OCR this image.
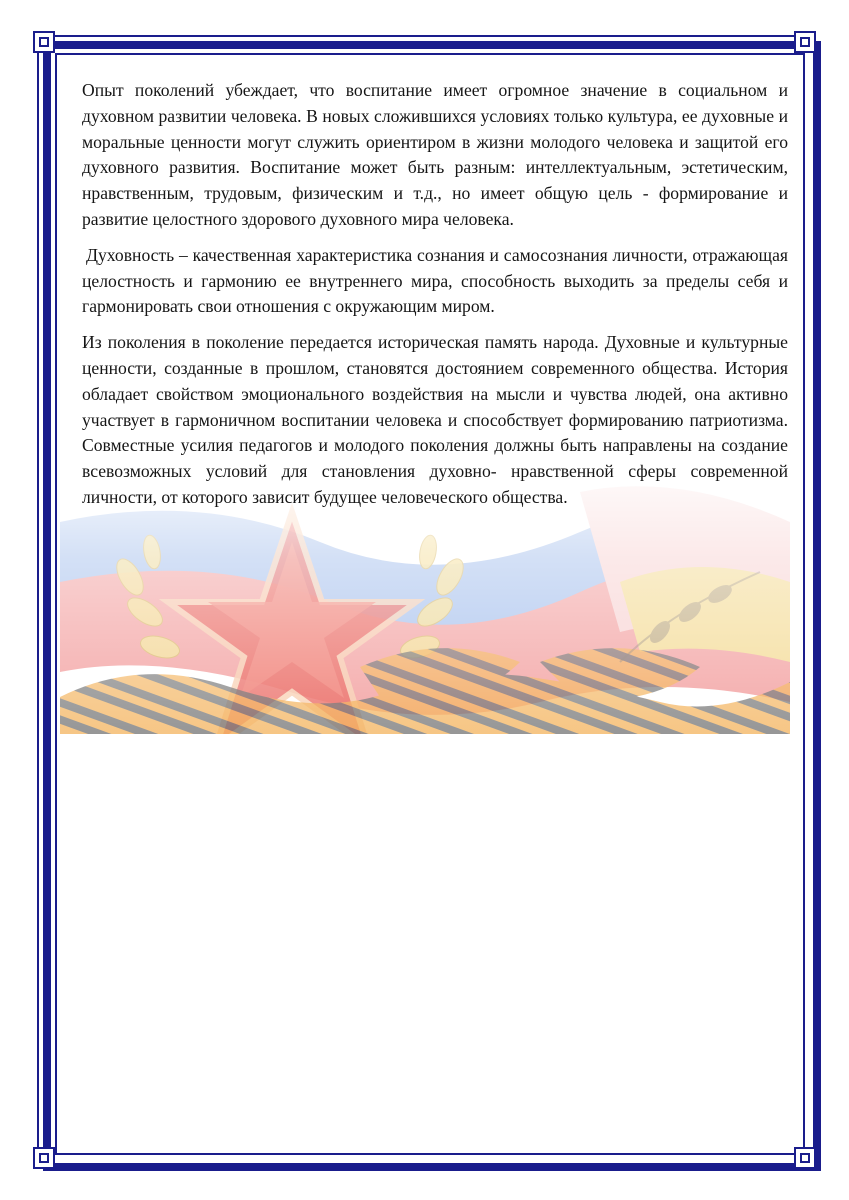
Опыт поколений убеждает, что воспитание имеет огромное значение в социальном и духовном развитии человека. В новых сложившихся условиях только культура, ее духовные и моральные ценности могут служить ориентиром в жизни молодого человека и защитой его духовного развития. Воспитание может быть разным: интеллектуальным, эстетическим, нравственным, трудовым, физическим и т.д., но имеет общую цель - формирование и развитие целостного здорового духовного мира человека.

Духовность – качественная характеристика сознания и самосознания личности, отражающая целостность и гармонию ее внутреннего мира, способность выходить за пределы себя и гармонировать свои отношения с окружающим миром.

Из поколения в поколение передается историческая память народа. Духовные и культурные ценности, созданные в прошлом, становятся достоянием современного общества. История обладает свойством эмоционального воздействия на мысли и чувства людей, она активно участвует в гармоничном воспитании человека и способствует формированию патриотизма. Совместные усилия педагогов и молодого поколения должны быть направлены на создание всевозможных условий для становления духовно- нравственной сферы современной личности, от которого зависит будущее человеческого общества.
